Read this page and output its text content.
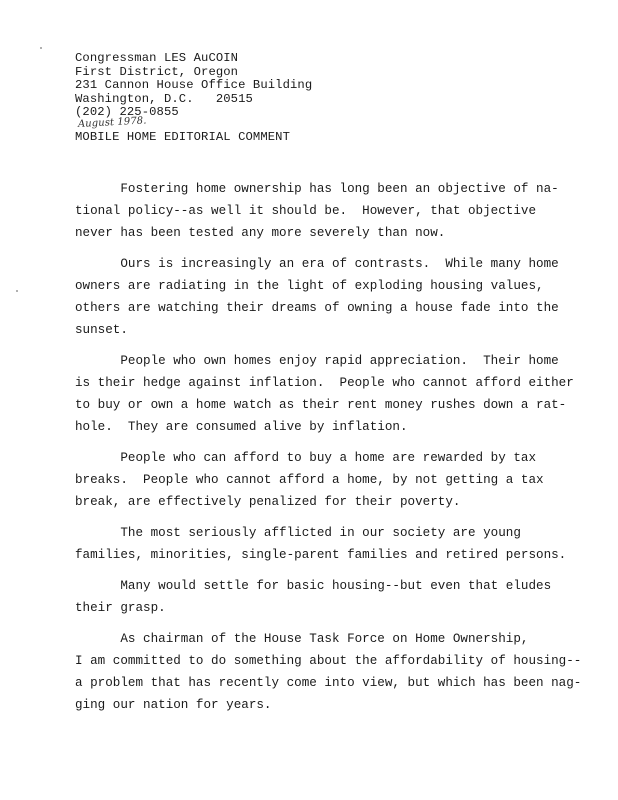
Congressman LES AuCOIN
First District, Oregon
231 Cannon House Office Building
Washington, D.C.   20515
(202) 225-0855
August 1978.
MOBILE HOME EDITORIAL COMMENT
Fostering home ownership has long been an objective of na-
tional policy--as well it should be.  However, that objective
never has been tested any more severely than now.
Ours is increasingly an era of contrasts.  While many home
owners are radiating in the light of exploding housing values,
others are watching their dreams of owning a house fade into the
sunset.
People who own homes enjoy rapid appreciation.  Their home
is their hedge against inflation.  People who cannot afford either
to buy or own a home watch as their rent money rushes down a rat-
hole.  They are consumed alive by inflation.
People who can afford to buy a home are rewarded by tax
breaks.  People who cannot afford a home, by not getting a tax
break, are effectively penalized for their poverty.
The most seriously afflicted in our society are young
families, minorities, single-parent families and retired persons.
Many would settle for basic housing--but even that eludes
their grasp.
As chairman of the House Task Force on Home Ownership,
I am committed to do something about the affordability of housing--
a problem that has recently come into view, but which has been nag-
ging our nation for years.
